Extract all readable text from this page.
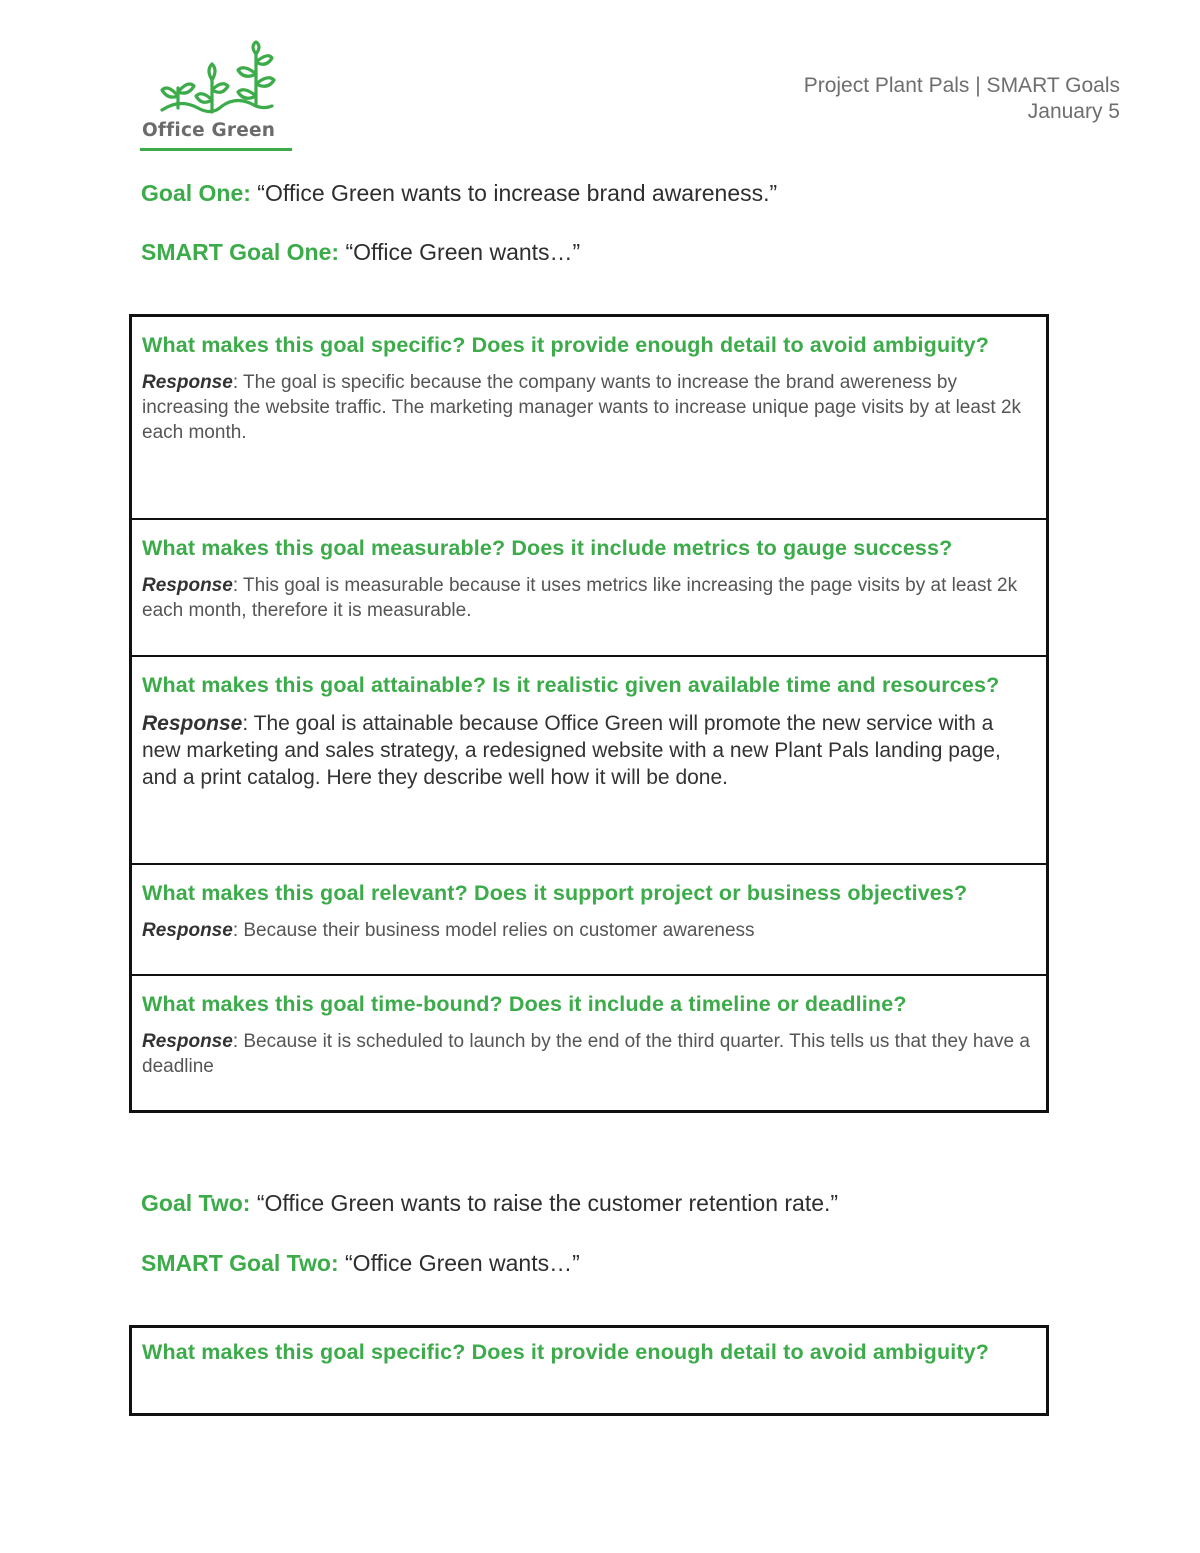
Office Green
Project Plant Pals | SMART Goals
January 5
Goal One: “Office Green wants to increase brand awareness.”
SMART Goal One: “Office Green wants…”
What makes this goal specific? Does it provide enough detail to avoid ambiguity?
Response: The goal is specific because the company wants to increase the brand awereness by increasing the website traffic. The marketing manager wants to increase unique page visits by at least 2k each month.
What makes this goal measurable? Does it include metrics to gauge success?
Response: This goal is measurable because it uses metrics like increasing the page visits by at least 2k each month, therefore it is measurable.
What makes this goal attainable? Is it realistic given available time and resources?
Response: The goal is attainable because Office Green will promote the new service with a new marketing and sales strategy, a redesigned website with a new Plant Pals landing page, and a print catalog. Here they describe well how it will be done.
What makes this goal relevant? Does it support project or business objectives?
Response: Because their business model relies on customer awareness
What makes this goal time-bound? Does it include a timeline or deadline?
Response: Because it is scheduled to launch by the end of the third quarter. This tells us that they have a deadline
Goal Two: “Office Green wants to raise the customer retention rate.”
SMART Goal Two: “Office Green wants…”
What makes this goal specific? Does it provide enough detail to avoid ambiguity?
